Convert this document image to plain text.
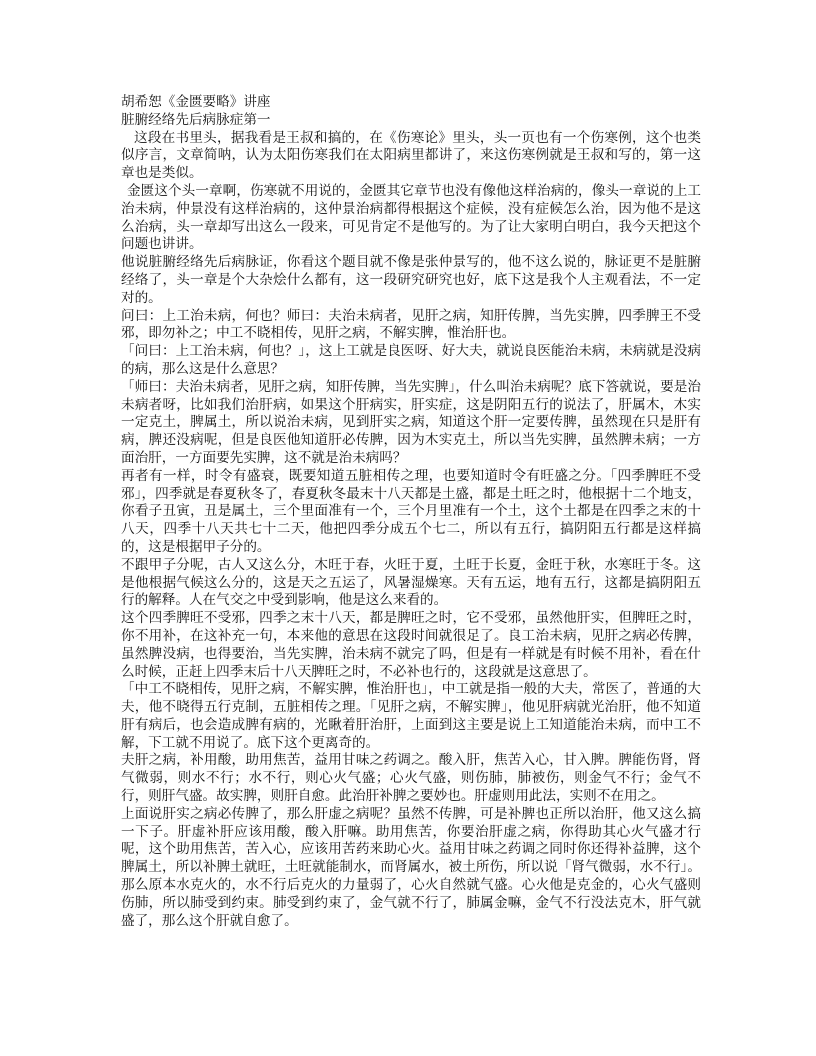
胡希恕《金匮要略》讲座
脏腑经络先后病脉症第一

这段在书里头，据我看是王叔和搞的，在《伤寒论》里头，头一页也有一个伤寒例，这个也类似序言，文章简呐，认为太阳伤寒我们在太阳病里都讲了，来这伤寒例就是王叔和写的，第一这章也是类似。

金匮这个头一章啊，伤寒就不用说的，金匮其它章节也没有像他这样治病的，像头一章说的上工治未病，仲景没有这样治病的，这仲景治病都得根据这个症候，没有症候怎么治，因为他不是这么治病，头一章却写出这么一段来，可见肯定不是他写的。为了让大家明白明白，我今天把这个问题也讲讲。

他说脏腑经络先后病脉证，你看这个题目就不像是张仲景写的，他不这么说的，脉证更不是脏腑经络了，头一章是个大杂烩什么都有，这一段研究研究也好，底下这是我个人主观看法，不一定对的。

问曰：上工治未病，何也？师曰：夫治未病者，见肝之病，知肝传脾，当先实脾，四季脾王不受邪，即勿补之；中工不晓相传，见肝之病，不解实脾，惟治肝也。

「问曰：上工治未病，何也？」，这上工就是良医呀、好大夫，就说良医能治未病，未病就是没病的病，那么这是什么意思？

「师曰：夫治未病者，见肝之病，知肝传脾，当先实脾」，什么叫治未病呢？底下答就说，要是治未病者呀，比如我们治肝病，如果这个肝病实，肝实症，这是阴阳五行的说法了，肝属木，木实一定克土，脾属土，所以说治未病，见到肝实之病，知道这个肝一定要传脾，虽然现在只是肝有病，脾还没病呢，但是良医他知道肝必传脾，因为木实克土，所以当先实脾，虽然脾未病；一方面治肝，一方面要先实脾，这不就是治未病吗？

再者有一样，时令有盛衰，既要知道五脏相传之理，也要知道时令有旺盛之分。「四季脾旺不受邪」，四季就是春夏秋冬了，春夏秋冬最末十八天都是土盛，都是土旺之时，他根据十二个地支，你看子丑寅，丑是属土，三个里面准有一个，三个月里准有一个土，这个土都是在四季之末的十八天，四季十八天共七十二天，他把四季分成五个七二，所以有五行，搞阴阳五行都是这样搞的，这是根据甲子分的。

不跟甲子分呢，古人又这么分，木旺于春，火旺于夏，土旺于长夏，金旺于秋，水寒旺于冬。这是他根据气候这么分的，这是天之五运了，风暑湿燥寒。天有五运，地有五行，这都是搞阴阳五行的解释。人在气交之中受到影响，他是这么来看的。

这个四季脾旺不受邪，四季之末十八天，都是脾旺之时，它不受邪，虽然他肝实，但脾旺之时，你不用补，在这补充一句，本来他的意思在这段时间就很足了。良工治未病，见肝之病必传脾，虽然脾没病，也得要治，当先实脾，治未病不就完了吗，但是有一样就是有时候不用补，看在什么时候，正赶上四季末后十八天脾旺之时，不必补也行的，这段就是这意思了。

「中工不晓相传，见肝之病，不解实脾，惟治肝也」，中工就是指一般的大夫，常医了，普通的大夫，他不晓得五行克制，五脏相传之理。「见肝之病，不解实脾」，他见肝病就光治肝，他不知道肝有病后，也会造成脾有病的，光瞅着肝治肝，上面到这主要是说上工知道能治未病，而中工不解，下工就不用说了。底下这个更离奇的。

夫肝之病，补用酸，助用焦苦，益用甘味之药调之。酸入肝，焦苦入心，甘入脾。脾能伤肾，肾气微弱，则水不行；水不行，则心火气盛；心火气盛，则伤肺，肺被伤，则金气不行；金气不行，则肝气盛。故实脾，则肝自愈。此治肝补脾之要妙也。肝虚则用此法，实则不在用之。

上面说肝实之病必传脾了，那么肝虚之病呢？虽然不传脾，可是补脾也正所以治肝，他又这么搞一下子。肝虚补肝应该用酸，酸入肝嘛。助用焦苦，你要治肝虚之病，你得助其心火气盛才行呢，这个助用焦苦，苦入心，应该用苦药来助心火。益用甘味之药调之同时你还得补益脾，这个脾属土，所以补脾土就旺，土旺就能制水，而肾属水，被土所伤，所以说「肾气微弱，水不行」。那么原本水克火的，水不行后克火的力量弱了，心火自然就气盛。心火他是克金的，心火气盛则伤肺，所以肺受到约束。肺受到约束了，金气就不行了，肺属金嘛，金气不行没法克木，肝气就盛了，那么这个肝就自愈了。
